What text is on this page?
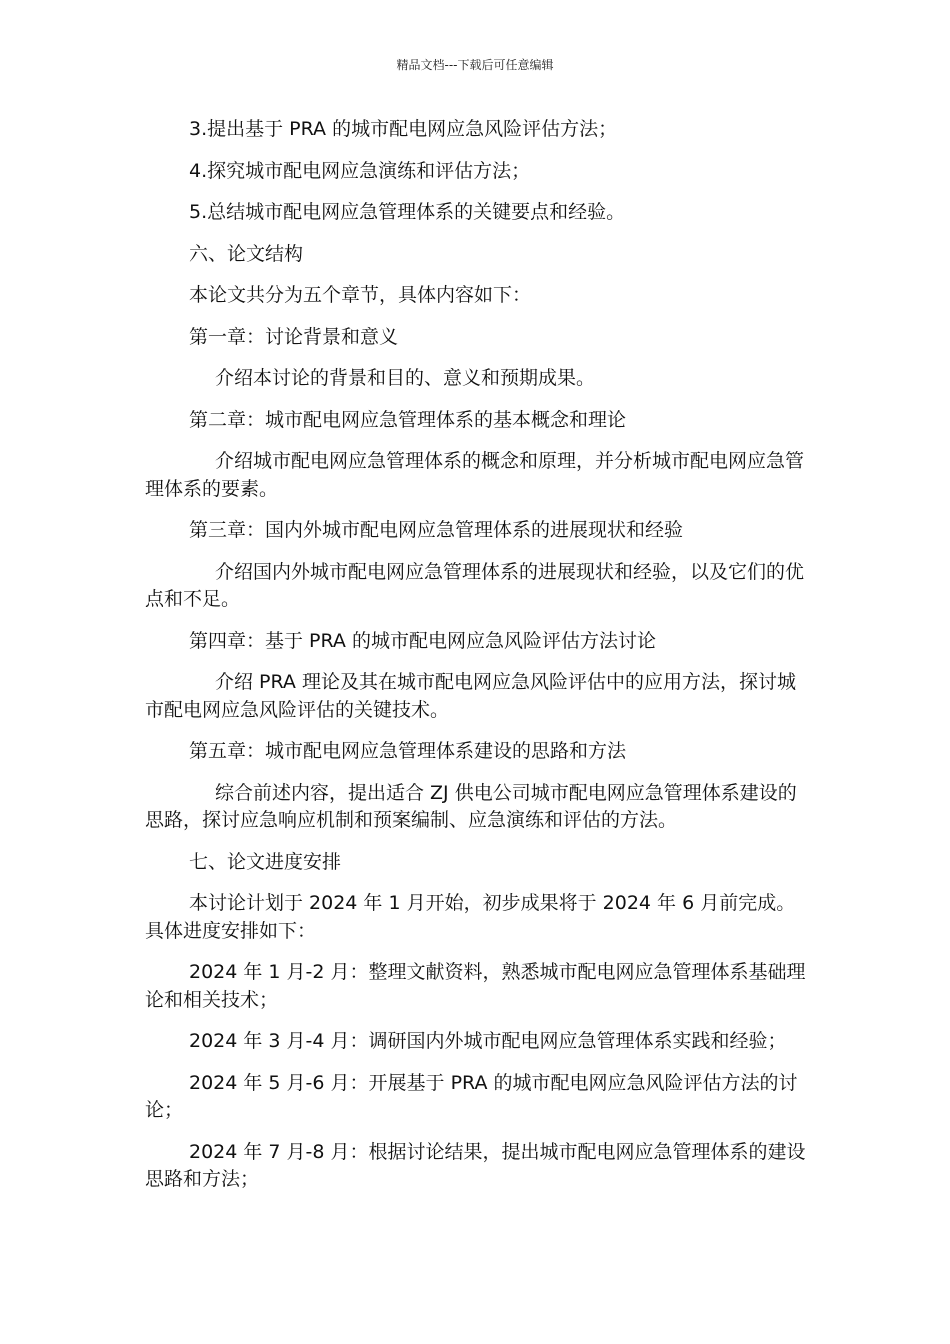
精品文档---下载后可任意编辑

3.提出基于 PRA 的城市配电网应急风险评估方法；

4.探究城市配电网应急演练和评估方法；

5.总结城市配电网应急管理体系的关键要点和经验。

六、论文结构

本论文共分为五个章节，具体内容如下：

第一章：讨论背景和意义

介绍本讨论的背景和目的、意义和预期成果。

第二章：城市配电网应急管理体系的基本概念和理论

介绍城市配电网应急管理体系的概念和原理，并分析城市配电网应急管理体系的要素。

第三章：国内外城市配电网应急管理体系的进展现状和经验

介绍国内外城市配电网应急管理体系的进展现状和经验，以及它们的优点和不足。

第四章：基于 PRA 的城市配电网应急风险评估方法讨论

介绍 PRA 理论及其在城市配电网应急风险评估中的应用方法，探讨城市配电网应急风险评估的关键技术。

第五章：城市配电网应急管理体系建设的思路和方法

综合前述内容，提出适合 ZJ 供电公司城市配电网应急管理体系建设的思路，探讨应急响应机制和预案编制、应急演练和评估的方法。

七、论文进度安排

本讨论计划于 2024 年 1 月开始，初步成果将于 2024 年 6 月前完成。具体进度安排如下：

2024 年 1 月-2 月：整理文献资料，熟悉城市配电网应急管理体系基础理论和相关技术；

2024 年 3 月-4 月：调研国内外城市配电网应急管理体系实践和经验；

2024 年 5 月-6 月：开展基于 PRA 的城市配电网应急风险评估方法的讨论；

2024 年 7 月-8 月：根据讨论结果，提出城市配电网应急管理体系的建设思路和方法；
